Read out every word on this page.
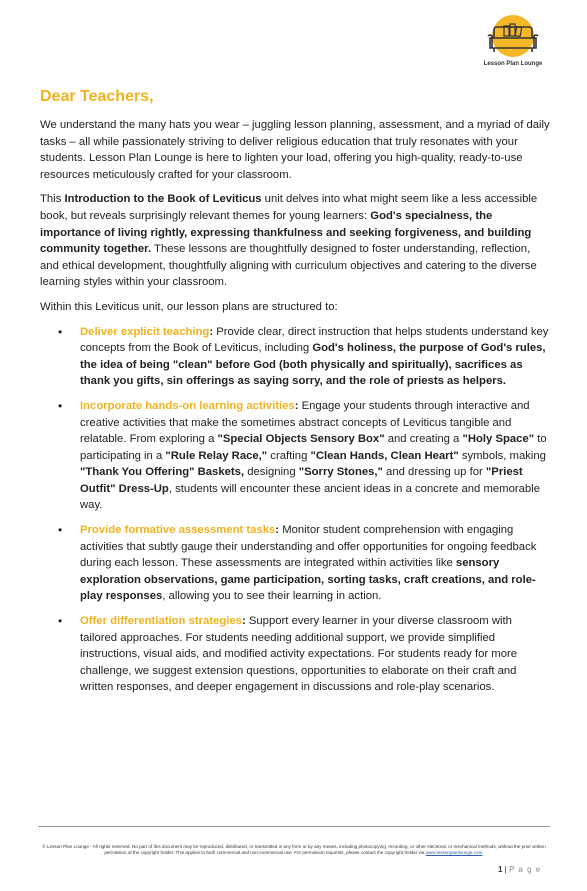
Lesson Plan Lounge
Dear Teachers,

We understand the many hats you wear – juggling lesson planning, assessment, and a myriad of daily tasks – all while passionately striving to deliver religious education that truly resonates with your students. Lesson Plan Lounge is here to lighten your load, offering you high-quality, ready-to-use resources meticulously crafted for your classroom.

This Introduction to the Book of Leviticus unit delves into what might seem like a less accessible book, but reveals surprisingly relevant themes for young learners: God's specialness, the importance of living rightly, expressing thankfulness and seeking forgiveness, and building community together. These lessons are thoughtfully designed to foster understanding, reflection, and ethical development, thoughtfully aligning with curriculum objectives and catering to the diverse learning styles within your classroom.

Within this Leviticus unit, our lesson plans are structured to:

• Deliver explicit teaching: Provide clear, direct instruction that helps students understand key concepts from the Book of Leviticus, including God's holiness, the purpose of God's rules, the idea of being "clean" before God (both physically and spiritually), sacrifices as thank you gifts, sin offerings as saying sorry, and the role of priests as helpers.
• Incorporate hands-on learning activities: Engage your students through interactive and creative activities that make the sometimes abstract concepts of Leviticus tangible and relatable. From exploring a "Special Objects Sensory Box" and creating a "Holy Space" to participating in a "Rule Relay Race," crafting "Clean Hands, Clean Heart" symbols, making "Thank You Offering" Baskets, designing "Sorry Stones," and dressing up for "Priest Outfit" Dress-Up, students will encounter these ancient ideas in a concrete and memorable way.
• Provide formative assessment tasks: Monitor student comprehension with engaging activities that subtly gauge their understanding and offer opportunities for ongoing feedback during each lesson. These assessments are integrated within activities like sensory exploration observations, game participation, sorting tasks, craft creations, and role-play responses, allowing you to see their learning in action.
• Offer differentiation strategies: Support every learner in your diverse classroom with tailored approaches. For students needing additional support, we provide simplified instructions, visual aids, and modified activity expectations. For students ready for more challenge, we suggest extension questions, opportunities to elaborate on their craft and written responses, and deeper engagement in discussions and role-play scenarios.
© Lesson Plan Lounge - All rights reserved. No part of this document may be reproduced, distributed, or transmitted in any form or by any means, including photocopying, recording, or other electronic or mechanical methods, without the prior written permission of the copyright holder. This applies to both commercial and non-commercial use. For permission requests, please contact the copyright holder via www.lessonplanlounge.com.
1 | P a g e
